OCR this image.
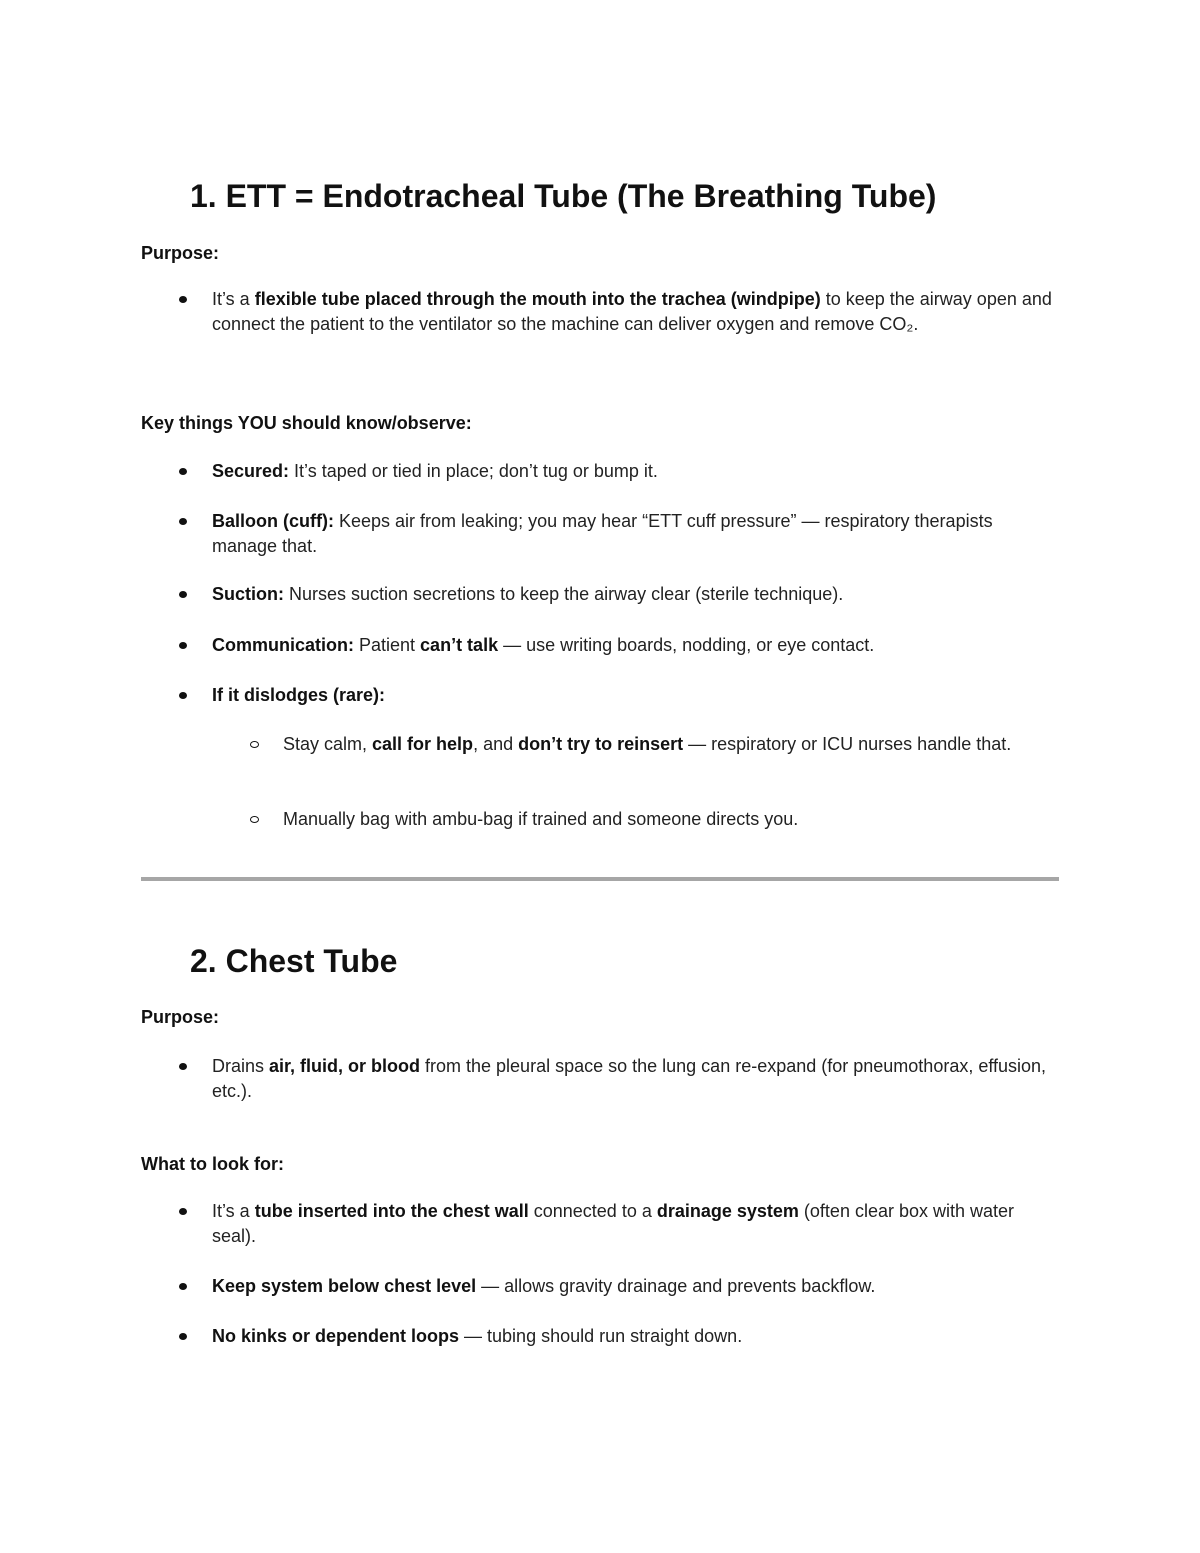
1. ETT = Endotracheal Tube (The Breathing Tube)

Purpose:

It’s a flexible tube placed through the mouth into the trachea (windpipe) to keep the airway open and connect the patient to the ventilator so the machine can deliver oxygen and remove CO₂.

Key things YOU should know/observe:

Secured: It’s taped or tied in place; don’t tug or bump it.

Balloon (cuff): Keeps air from leaking; you may hear “ETT cuff pressure” — respiratory therapists manage that.

Suction: Nurses suction secretions to keep the airway clear (sterile technique).

Communication: Patient can’t talk — use writing boards, nodding, or eye contact.

If it dislodges (rare):

Stay calm, call for help, and don’t try to reinsert — respiratory or ICU nurses handle that.

Manually bag with ambu-bag if trained and someone directs you.

2. Chest Tube

Purpose:

Drains air, fluid, or blood from the pleural space so the lung can re-expand (for pneumothorax, effusion, etc.).

What to look for:

It’s a tube inserted into the chest wall connected to a drainage system (often clear box with water seal).

Keep system below chest level — allows gravity drainage and prevents backflow.

No kinks or dependent loops — tubing should run straight down.
